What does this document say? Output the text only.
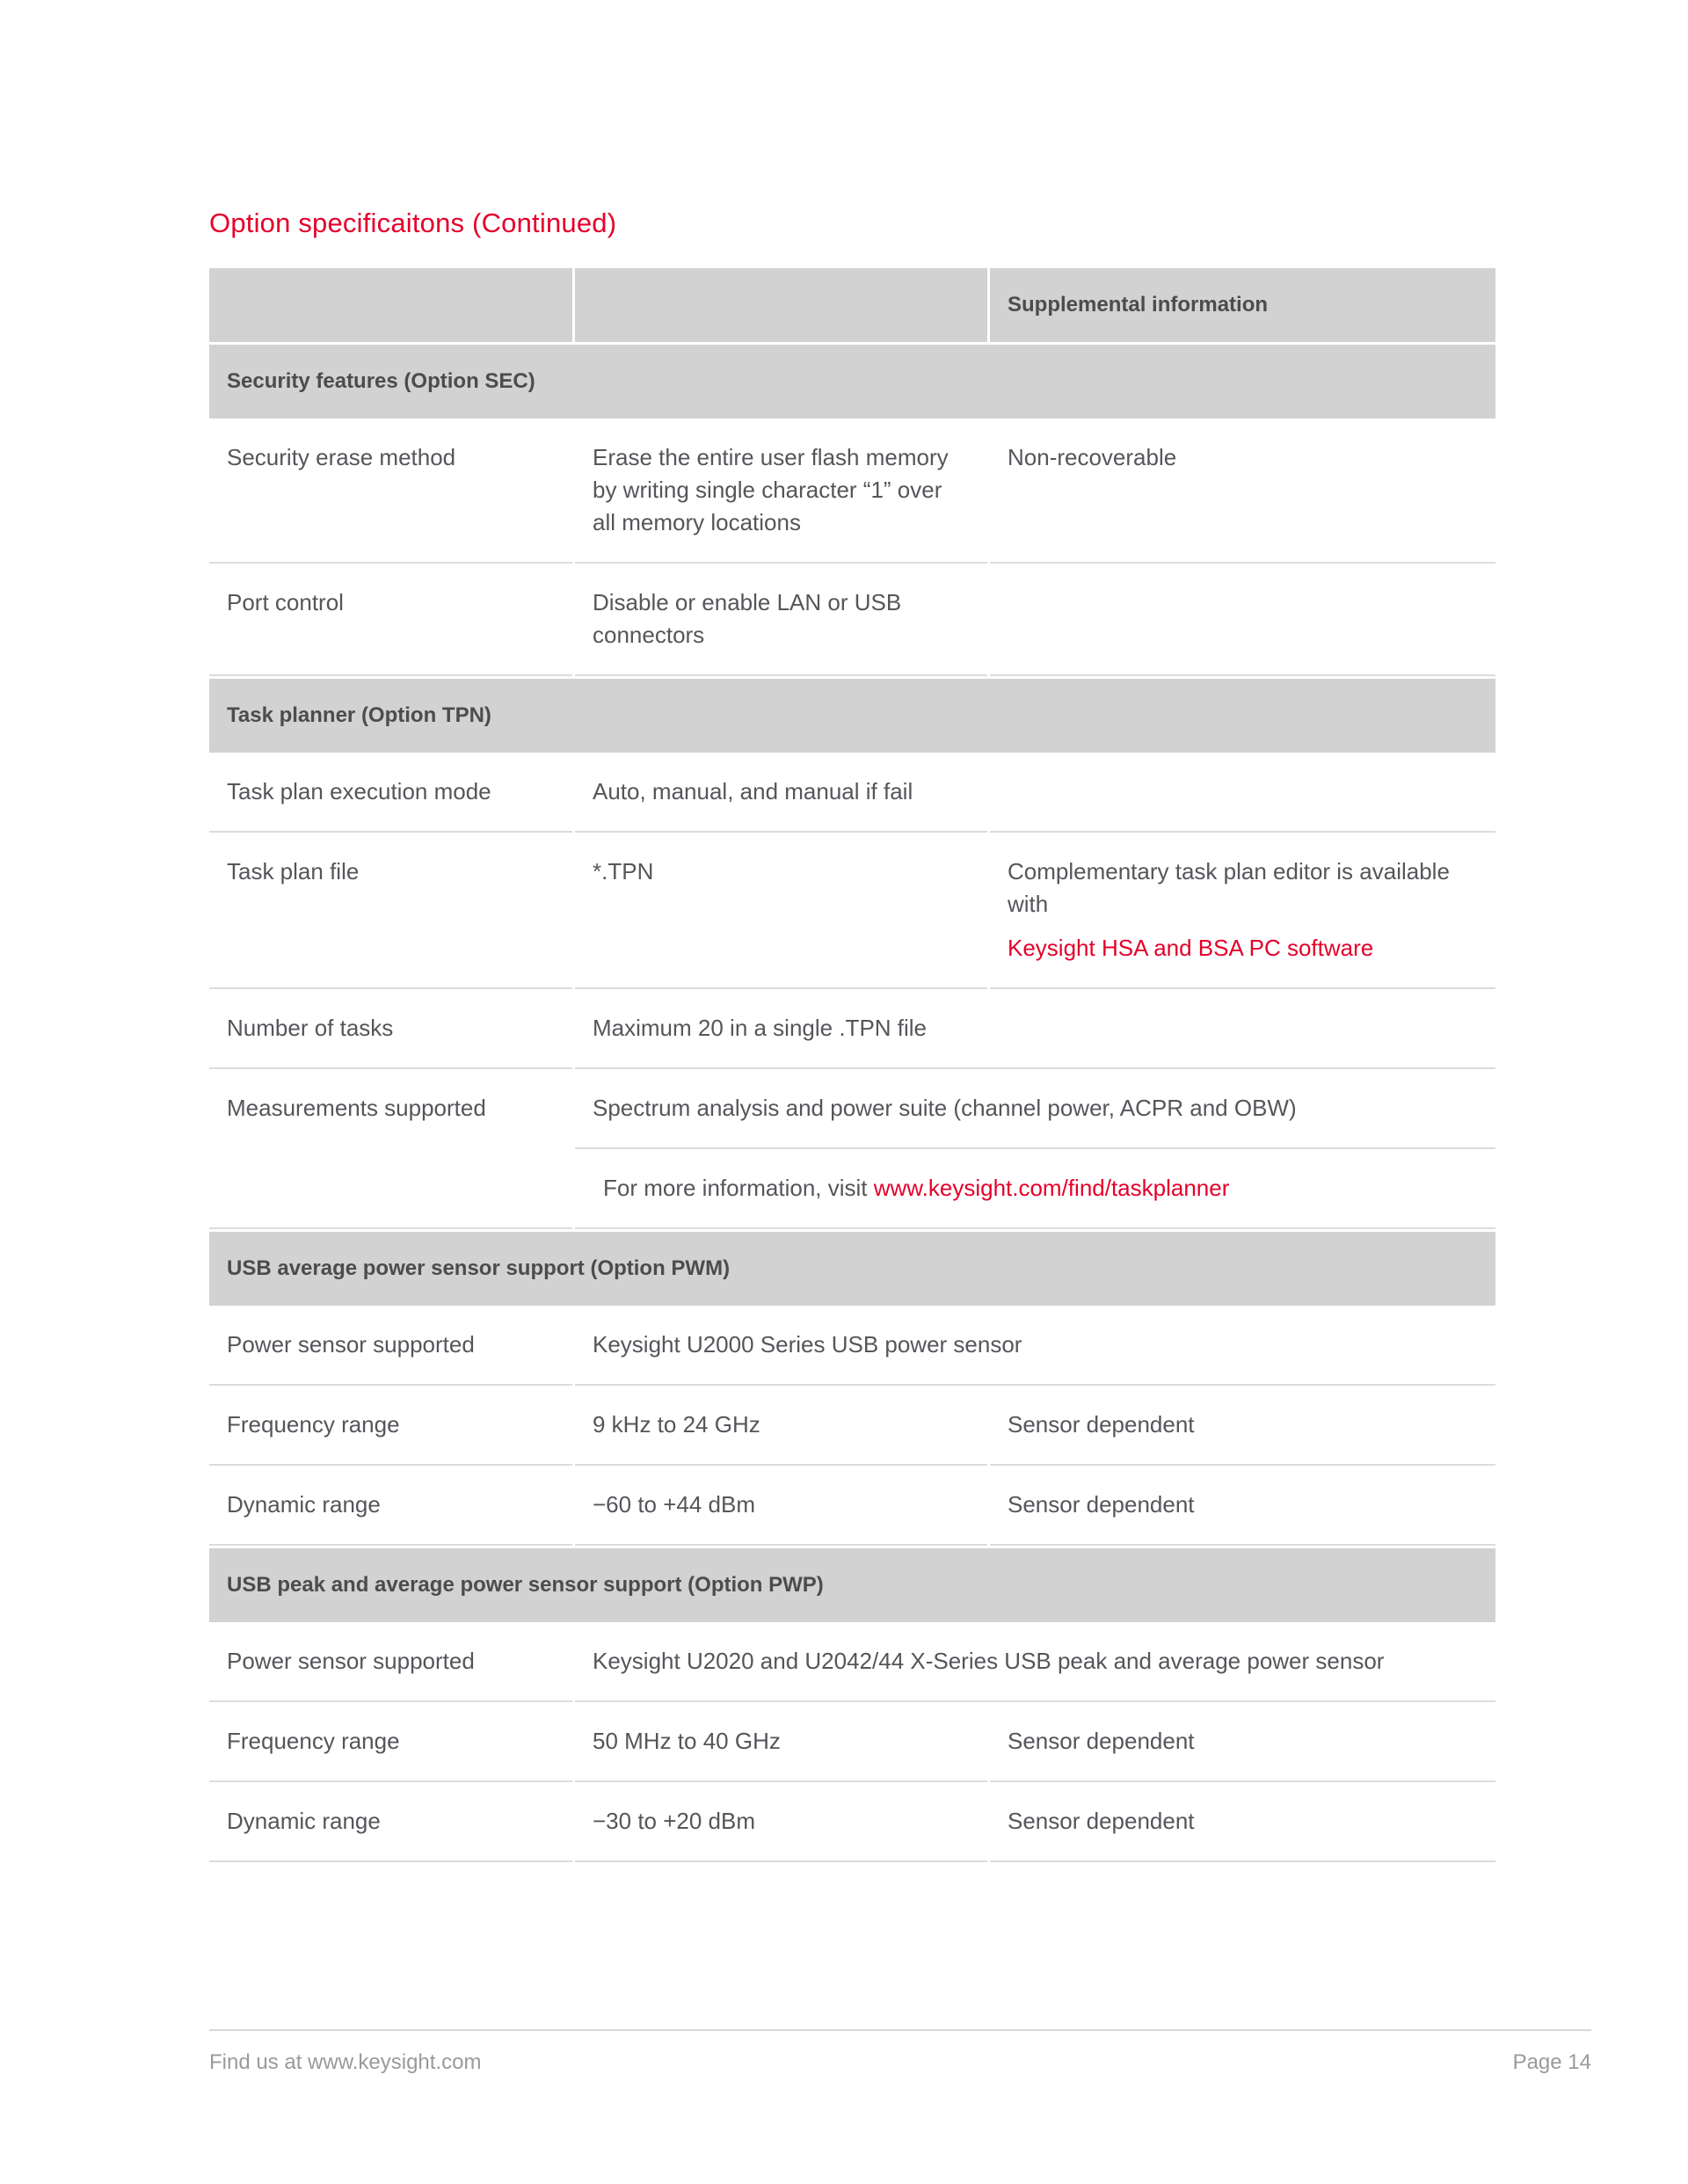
Option specificaitons (Continued)
		Supplemental information
Security features (Option SEC)		
Security erase method	Erase the entire user flash memory by writing single character “1” over all memory locations	Non-recoverable
Port control	Disable or enable LAN or USB connectors	
Task planner (Option TPN)		
Task plan execution mode	Auto, manual, and manual if fail	

Task plan file	*.TPN	Complementary task plan editor is available with
Keysight HSA and BSA PC software

Number of tasks	Maximum 20 in a single .TPN file	
Measurements supported	Spectrum analysis and power suite (channel power, ACPR and OBW)	
	For more information, visit www.keysight.com/find/taskplanner	
USB average power sensor support (Option PWM)		
Power sensor supported	Keysight U2000 Series USB power sensor	
Frequency range	9 kHz to 24 GHz	Sensor dependent
Dynamic range	−60 to +44 dBm	Sensor dependent
USB peak and average power sensor support (Option PWP)		
Power sensor supported	Keysight U2020 and U2042/44 X-Series USB peak and average power sensor	

Frequency range	50 MHz to 40 GHz	Sensor dependent
Dynamic range	−30 to +20 dBm	Sensor dependent
Find us at www.keysight.com	Page 14
